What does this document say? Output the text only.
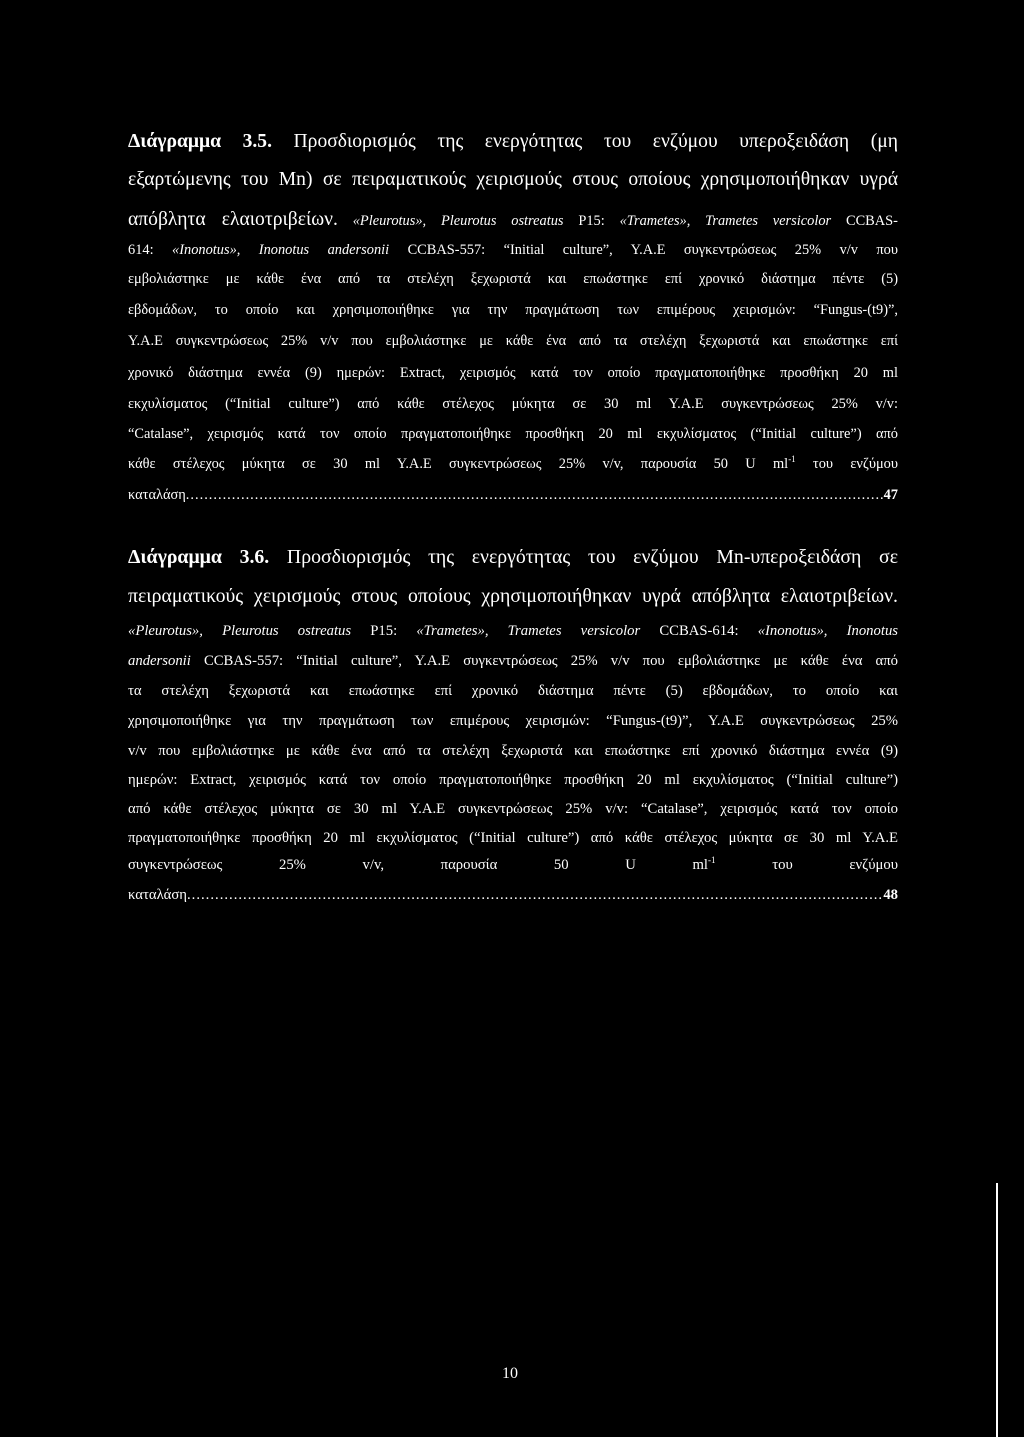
Διάγραμμα 3.5. Προσδιορισμός της ενεργότητας του ενζύμου υπεροξειδάση (μη
εξαρτώμενης του Mn) σε πειραματικούς χειρισμούς στους οποίους χρησιμοποιήθηκαν υγρά
απόβλητα ελαιοτριβείων. «Pleurotus», Pleurotus ostreatus P15: «Trametes», Trametes versicolor CCBAS-
614: «Inonotus», Inonotus andersonii CCBAS-557: “Initial culture”, Y.A.E συγκεντρώσεως 25% v/v που
εμβολιάστηκε με κάθε ένα από τα στελέχη ξεχωριστά και επωάστηκε επί χρονικό διάστημα πέντε (5)
εβδομάδων, το οποίο και χρησιμοποιήθηκε για την πραγμάτωση των επιμέρους χειρισμών: “Fungus-(t9)”,
Y.A.E συγκεντρώσεως 25% v/v που εμβολιάστηκε με κάθε ένα από τα στελέχη ξεχωριστά και επωάστηκε επί
χρονικό διάστημα εννέα (9) ημερών: Extract, χειρισμός κατά τον οποίο πραγματοποιήθηκε προσθήκη 20 ml
εκχυλίσματος (“Initial culture”) από κάθε στέλεχος μύκητα σε 30 ml Y.A.E συγκεντρώσεως 25% v/v:
“Catalase”, χειρισμός κατά τον οποίο πραγματοποιήθηκε προσθήκη 20 ml εκχυλίσματος (“Initial culture”) από
κάθε στέλεχος μύκητα σε 30 ml Y.A.E συγκεντρώσεως 25% v/v, παρουσία 50 U $ml^{-1}$ του ενζύμου
καταλάση .....	47
Διάγραμμα 3.6. Προσδιορισμός της ενεργότητας του ενζύμου Mn-υπεροξειδάση σε
πειραματικούς χειρισμούς στους οποίους χρησιμοποιήθηκαν υγρά απόβλητα ελαιοτριβείων.
«Pleurotus», Pleurotus ostreatus P15: «Trametes», Trametes versicolor CCBAS-614: «Inonotus», Inonotus
andersonii CCBAS-557: “Initial culture”, Y.A.E συγκεντρώσεως 25% v/v που εμβολιάστηκε με κάθε ένα από
τα στελέχη ξεχωριστά και επωάστηκε επί χρονικό διάστημα πέντε (5) εβδομάδων, το οποίο και
χρησιμοποιήθηκε για την πραγμάτωση των επιμέρους χειρισμών: “Fungus-(t9)”, Y.A.E συγκεντρώσεως 25%
v/v που εμβολιάστηκε με κάθε ένα από τα στελέχη ξεχωριστά και επωάστηκε επί χρονικό διάστημα εννέα (9)
ημερών: Extract, χειρισμός κατά τον οποίο πραγματοποιήθηκε προσθήκη 20 ml εκχυλίσματος (“Initial culture”)
από κάθε στέλεχος μύκητα σε 30 ml Y.A.E συγκεντρώσεως 25% v/v: “Catalase”, χειρισμός κατά τον οποίο
πραγματοποιήθηκε προσθήκη 20 ml εκχυλίσματος (“Initial culture”) από κάθε στέλεχος μύκητα σε 30 ml Y.A.E
συγκεντρώσεως 25% v/v, παρουσία 50 U $ml^{-1}$ του ενζύμου
καταλάση .....	48
10
